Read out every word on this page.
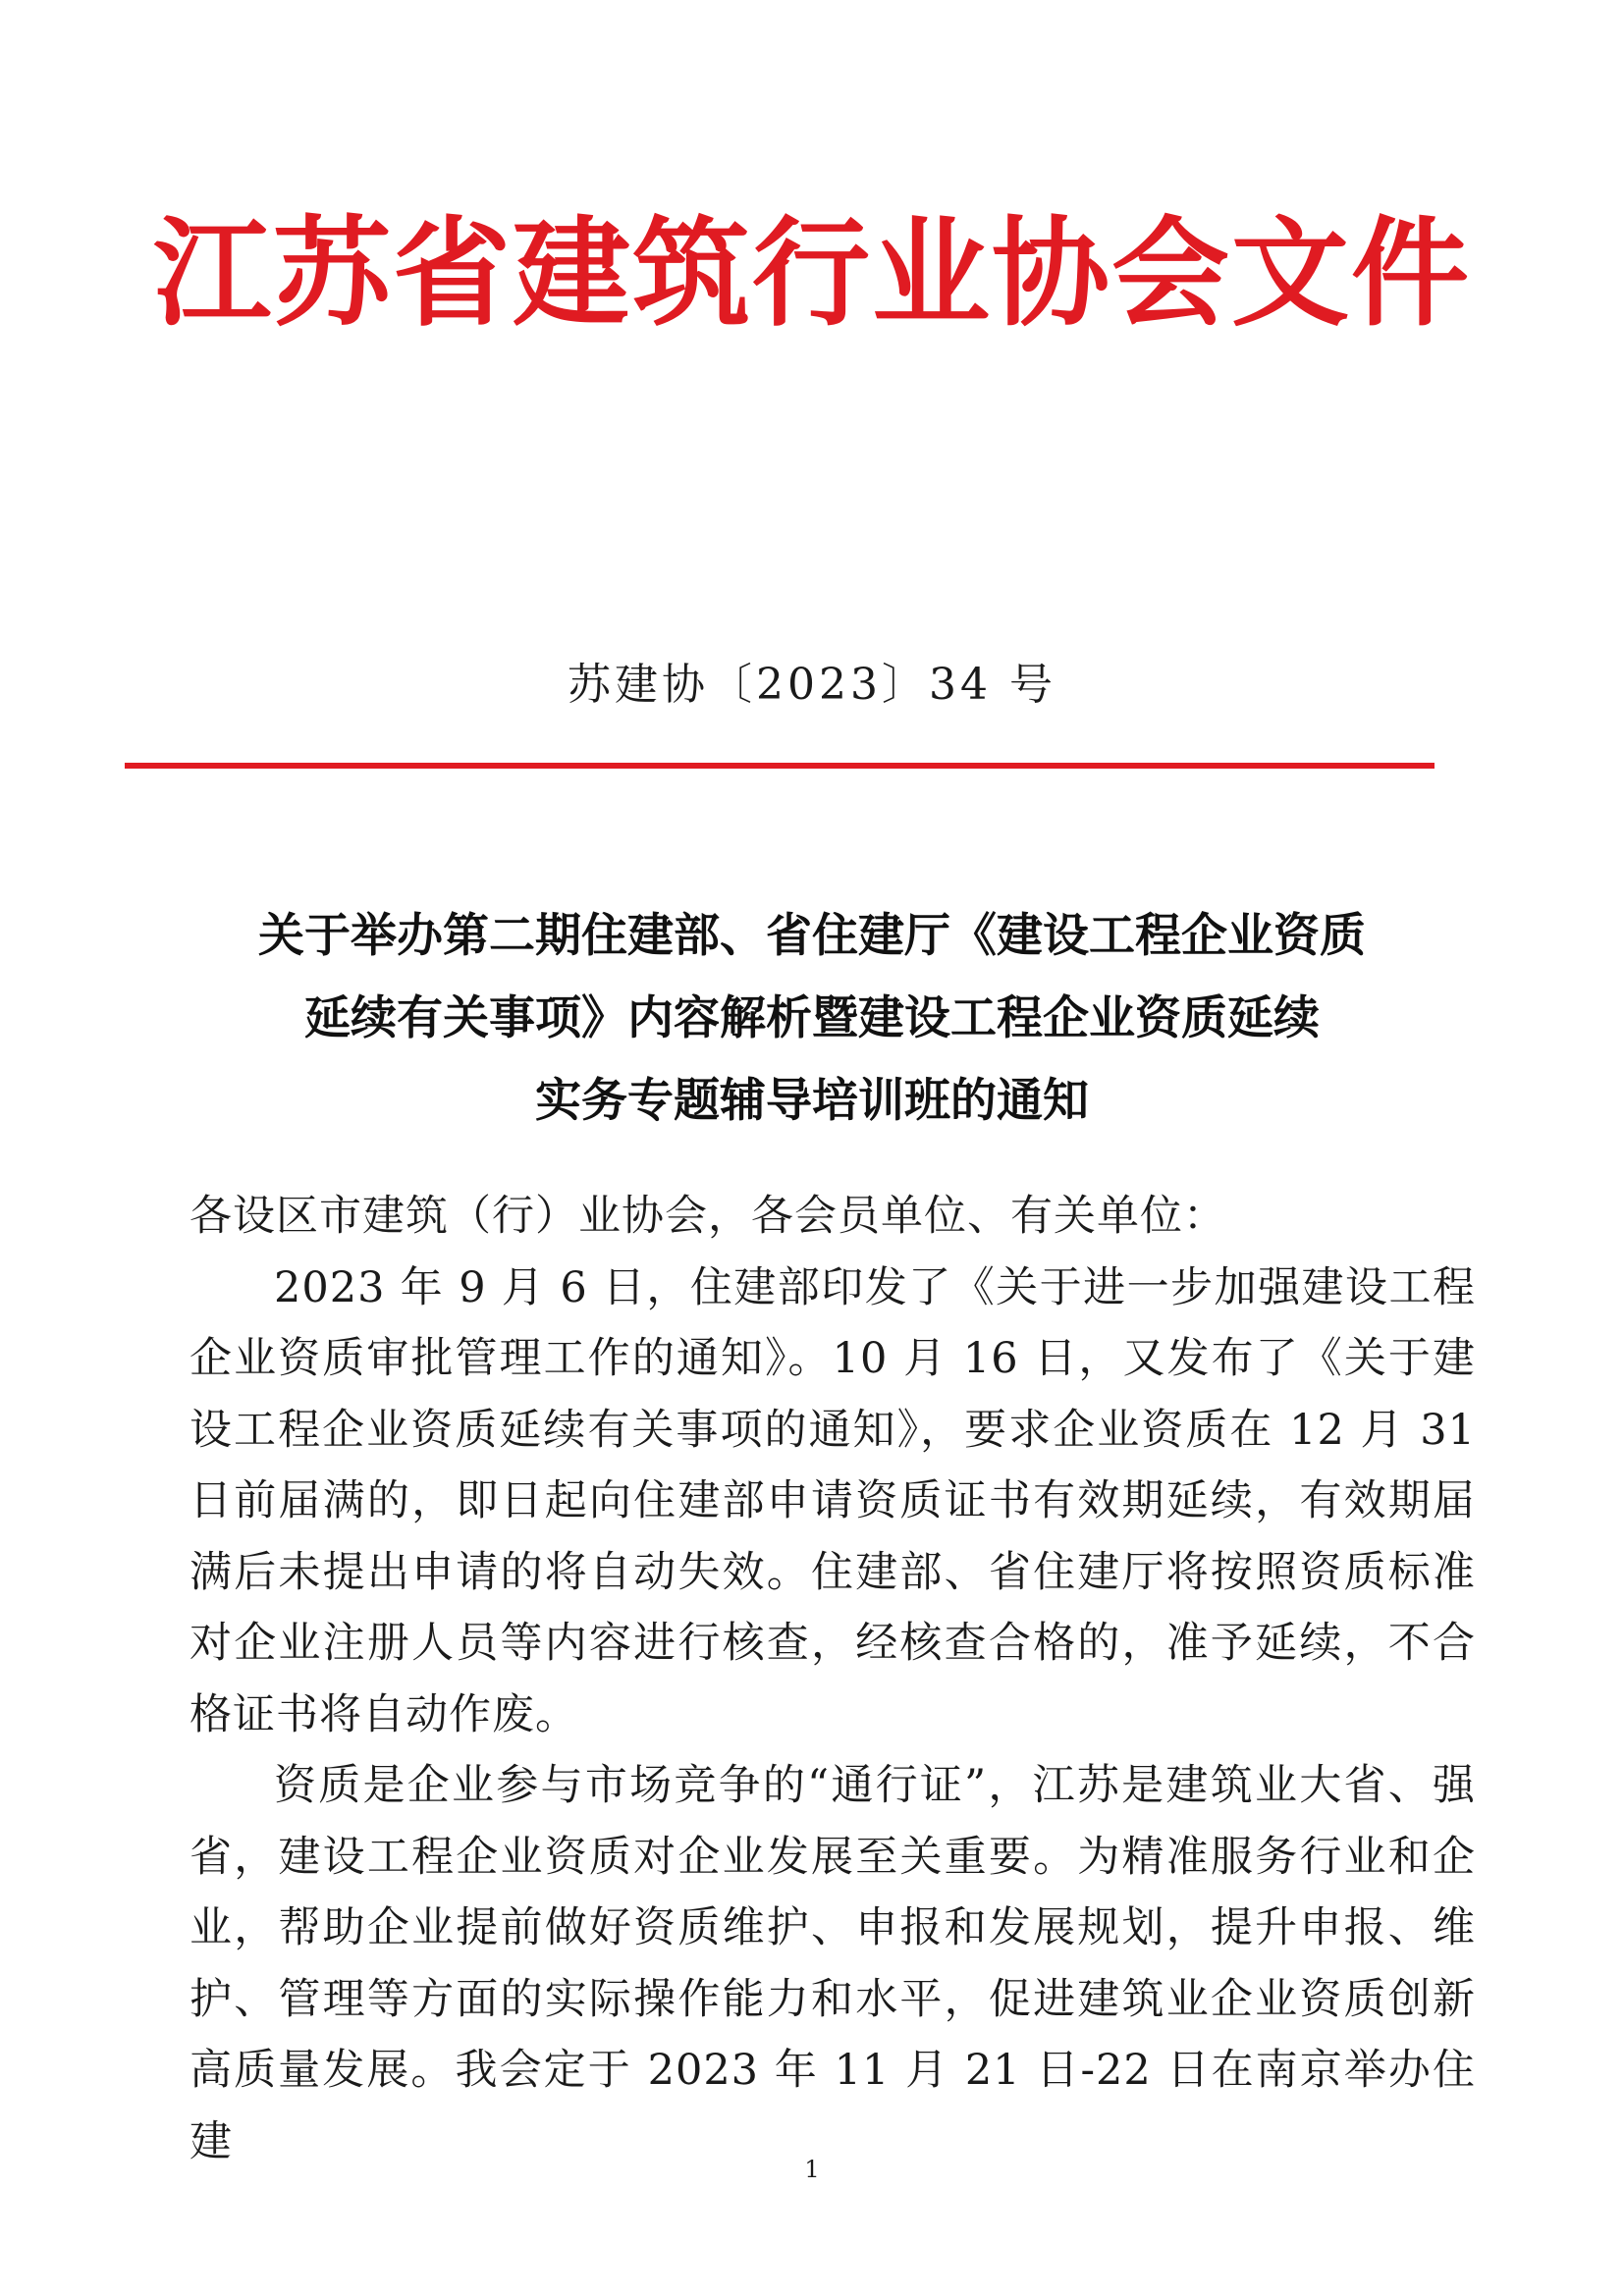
江苏省建筑行业协会文件
苏建协〔2023〕34 号
关于举办第二期住建部、省住建厅《建设工程企业资质
延续有关事项》内容解析暨建设工程企业资质延续
实务专题辅导培训班的通知

各设区市建筑（行）业协会，各会员单位、有关单位：

2023 年 9 月 6 日，住建部印发了《关于进一步加强建设工程企业资质审批管理工作的通知》。10 月 16 日，又发布了《关于建设工程企业资质延续有关事项的通知》，要求企业资质在 12 月 31 日前届满的，即日起向住建部申请资质证书有效期延续，有效期届满后未提出申请的将自动失效。住建部、省住建厅将按照资质标准对企业注册人员等内容进行核查，经核查合格的，准予延续，不合格证书将自动作废。

资质是企业参与市场竞争的“通行证”，江苏是建筑业大省、强省，建设工程企业资质对企业发展至关重要。为精准服务行业和企业，帮助企业提前做好资质维护、申报和发展规划，提升申报、维护、管理等方面的实际操作能力和水平，促进建筑业企业资质创新高质量发展。我会定于 2023 年 11 月 21 日-22 日在南京举办住建

1
